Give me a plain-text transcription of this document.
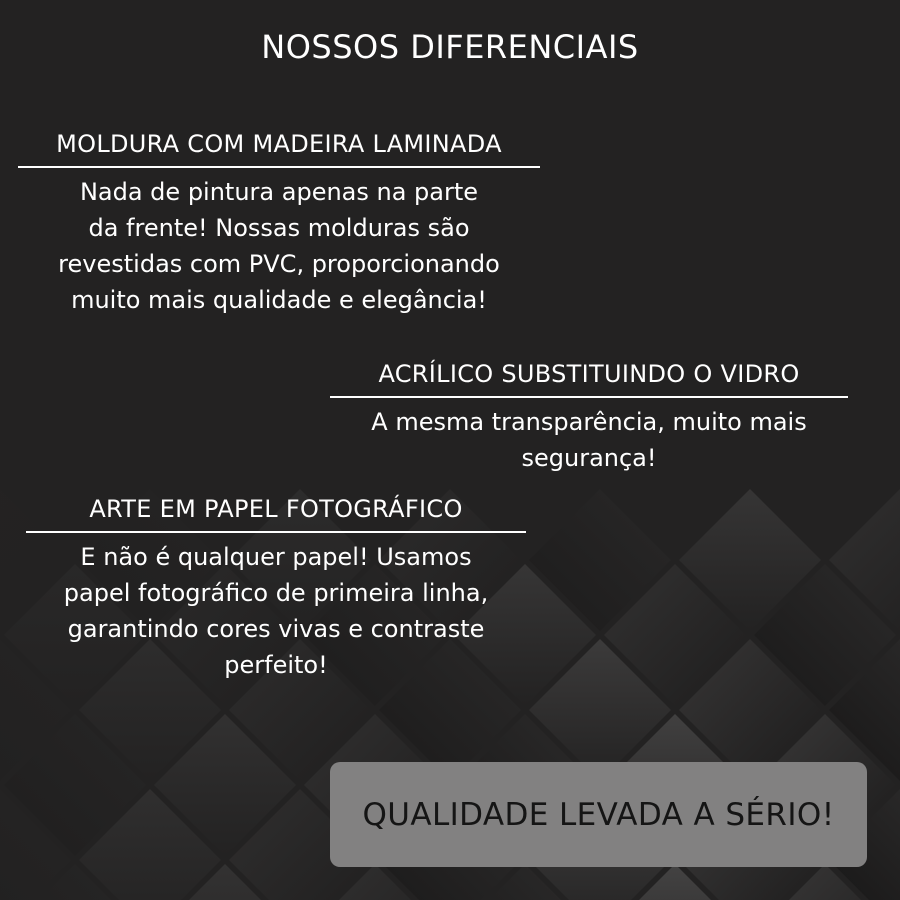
NOSSOS DIFERENCIAIS
MOLDURA COM MADEIRA LAMINADA
Nada de pintura apenas na parte
da frente! Nossas molduras são
revestidas com PVC, proporcionando
muito mais qualidade e elegância!
ACRÍLICO SUBSTITUINDO O VIDRO
A mesma transparência, muito mais
segurança!
ARTE EM PAPEL FOTOGRÁFICO
E não é qualquer papel! Usamos
papel fotográfico de primeira linha,
garantindo cores vivas e contraste
perfeito!
QUALIDADE LEVADA A SÉRIO!
